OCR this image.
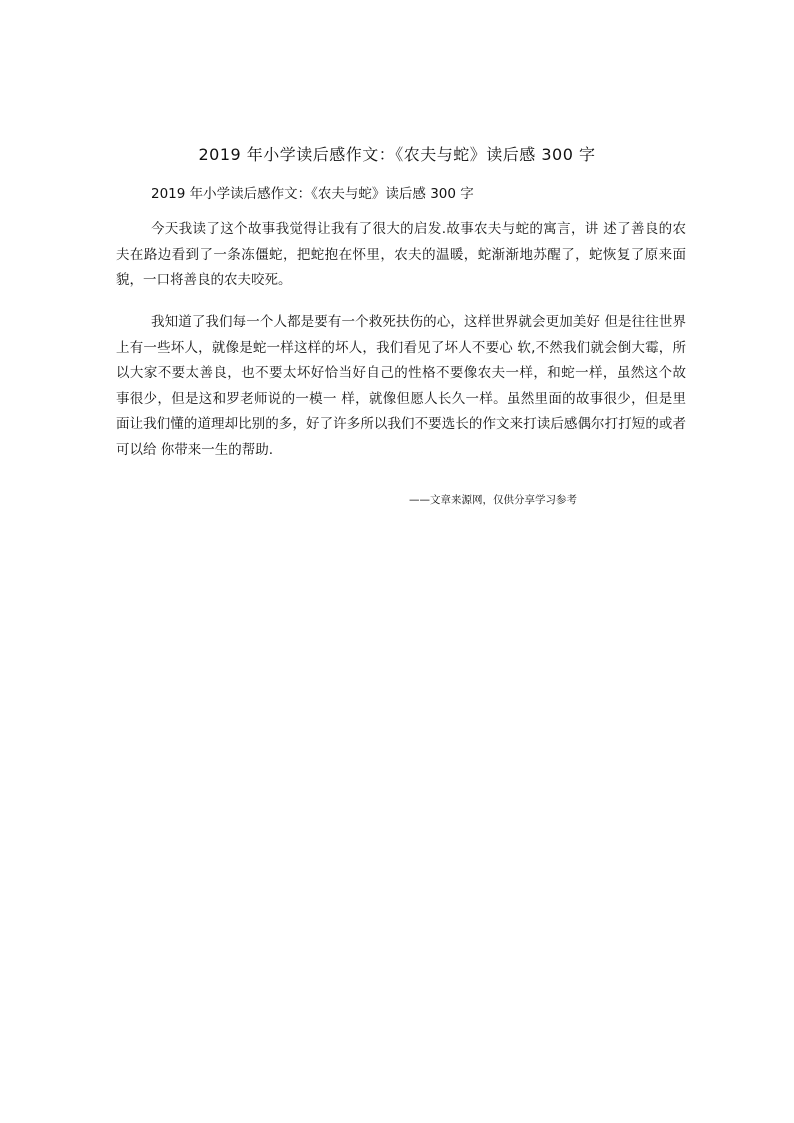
2019 年小学读后感作文：《农夫与蛇》读后感 300 字
2019 年小学读后感作文：《农夫与蛇》读后感 300 字

今天我读了这个故事我觉得让我有了很大的启发.故事农夫与蛇的寓言，讲 述了善良的农夫在路边看到了一条冻僵蛇，把蛇抱在怀里，农夫的温暖，蛇渐渐地苏醒了，蛇恢复了原来面貌，一口将善良的农夫咬死。

我知道了我们每一个人都是要有一个救死扶伤的心，这样世界就会更加美好 但是往往世界上有一些坏人，就像是蛇一样这样的坏人，我们看见了坏人不要心 软,不然我们就会倒大霉，所以大家不要太善良，也不要太坏好恰当好自己的性格不要像农夫一样，和蛇一样，虽然这个故 事很少，但是这和罗老师说的一模一 样，就像但愿人长久一样。虽然里面的故事很少，但是里面让我们懂的道理却比别的多，好了许多所以我们不要选长的作文来打读后感偶尔打打短的或者可以给 你带来一生的帮助.

——文章来源网，仅供分享学习参考
